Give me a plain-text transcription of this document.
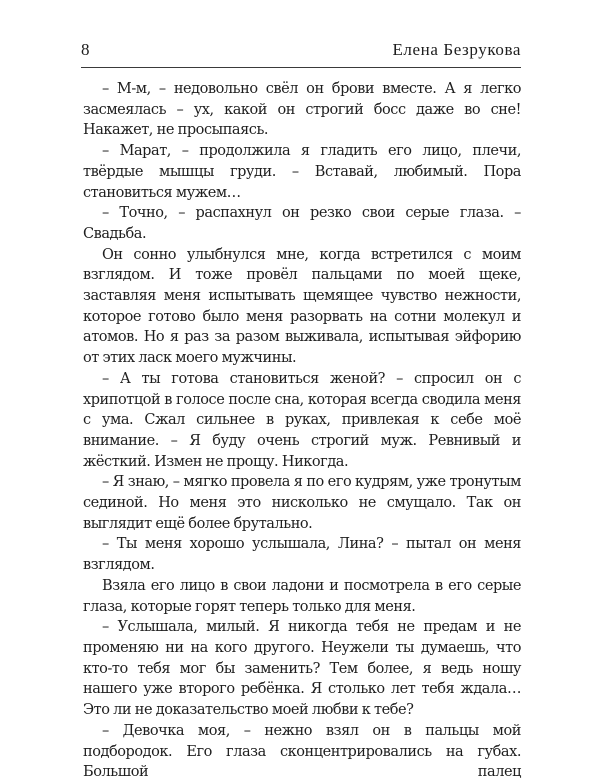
8	Елена Безрукова

– М-м, – недовольно свёл он брови вместе. А я легко засмеялась – ух, какой он строгий босс даже во сне! Накажет, не просыпаясь.

– Марат, – продолжила я гладить его лицо, плечи, твёрдые мышцы груди. – Вставай, любимый. Пора становиться мужем…

– Точно, – распахнул он резко свои серые глаза. – Свадьба.

Он сонно улыбнулся мне, когда встретился с моим взглядом. И тоже провёл пальцами по моей щеке, заставляя меня испытывать щемящее чувство нежности, которое готово было меня разорвать на сотни молекул и атомов. Но я раз за разом выживала, испытывая эйфорию от этих ласк моего мужчины.

– А ты готова становиться женой? – спросил он с хрипотцой в голосе после сна, которая всегда сводила меня с ума. Сжал сильнее в руках, привлекая к себе моё внимание. – Я буду очень строгий муж. Ревнивый и жёсткий. Измен не прощу. Никогда.

– Я знаю, – мягко провела я по его кудрям, уже тронутым сединой. Но меня это нисколько не смущало. Так он выглядит ещё более брутально.

– Ты меня хорошо услышала, Лина? – пытал он меня взглядом.

Взяла его лицо в свои ладони и посмотрела в его серые глаза, которые горят теперь только для меня.

– Услышала, милый. Я никогда тебя не предам и не променяю ни на кого другого. Неужели ты думаешь, что кто-то тебя мог бы заменить? Тем более, я ведь ношу нашего уже второго ребёнка. Я столько лет тебя ждала… Это ли не доказательство моей любви к тебе?

– Девочка моя, – нежно взял он в пальцы мой подбородок. Его глаза сконцентрировались на губах. Большой палец
